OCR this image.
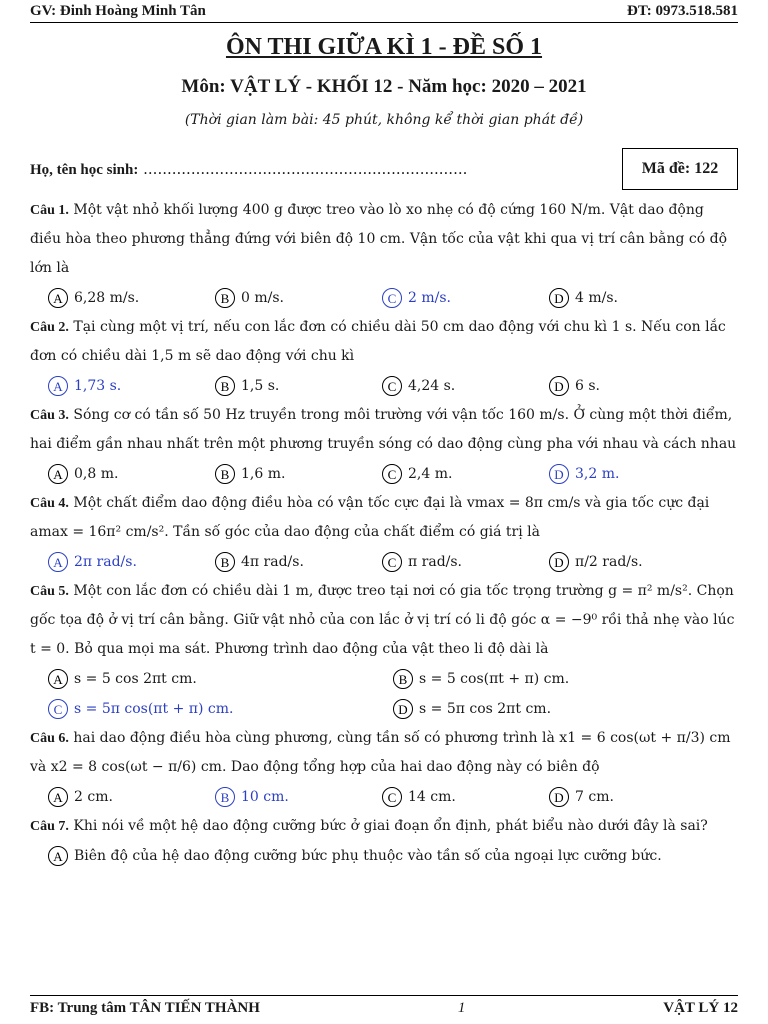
GV: Đinh Hoàng Minh Tân	ĐT: 0973.518.581
ÔN THI GIỮA KÌ 1 - ĐỀ SỐ 1
Môn: VẬT LÝ - KHỐI 12 - Năm học: 2020 – 2021
(Thời gian làm bài: 45 phút, không kể thời gian phát đề)
Họ, tên học sinh: ....................................................................	Mã đề: 122
Câu 1. Một vật nhỏ khối lượng 400 g được treo vào lò xo nhẹ có độ cứng 160 N/m. Vật dao động điều hòa theo phương thẳng đứng với biên độ 10 cm. Vận tốc của vật khi qua vị trí cân bằng có độ lớn là
A 6,28 m/s.	B 0 m/s.	C 2 m/s.	D 4 m/s.
Câu 2. Tại cùng một vị trí, nếu con lắc đơn có chiều dài 50 cm dao động với chu kì 1 s. Nếu con lắc đơn có chiều dài 1,5 m sẽ dao động với chu kì
A 1,73 s.	B 1,5 s.	C 4,24 s.	D 6 s.
Câu 3. Sóng cơ có tần số 50 Hz truyền trong môi trường với vận tốc 160 m/s. Ở cùng một thời điểm, hai điểm gần nhau nhất trên một phương truyền sóng có dao động cùng pha với nhau và cách nhau
A 0,8 m.	B 1,6 m.	C 2,4 m.	D 3,2 m.
Câu 4. Một chất điểm dao động điều hòa có vận tốc cực đại là vmax = 8π cm/s và gia tốc cực đại amax = 16π² cm/s². Tần số góc của dao động của chất điểm có giá trị là
A 2π rad/s.	B 4π rad/s.	C π rad/s.	D π/2 rad/s.
Câu 5. Một con lắc đơn có chiều dài 1 m, được treo tại nơi có gia tốc trọng trường g = π² m/s². Chọn gốc tọa độ ở vị trí cân bằng. Giữ vật nhỏ của con lắc ở vị trí có li độ góc α = −9⁰ rồi thả nhẹ vào lúc t = 0. Bỏ qua mọi ma sát. Phương trình dao động của vật theo li độ dài là
A s = 5 cos 2πt cm.	B s = 5 cos(πt + π) cm.
C s = 5π cos(πt + π) cm.	D s = 5π cos 2πt cm.
Câu 6. hai dao động điều hòa cùng phương, cùng tần số có phương trình là x1 = 6 cos(ωt + π/3) cm và x2 = 8 cos(ωt − π/6) cm. Dao động tổng hợp của hai dao động này có biên độ
A 2 cm.	B 10 cm.	C 14 cm.	D 7 cm.
Câu 7. Khi nói về một hệ dao động cưỡng bức ở giai đoạn ổn định, phát biểu nào dưới đây là sai?
A Biên độ của hệ dao động cưỡng bức phụ thuộc vào tần số của ngoại lực cưỡng bức.
FB: Trung tâm TÂN TIẾN THÀNH	1	VẬT LÝ 12
